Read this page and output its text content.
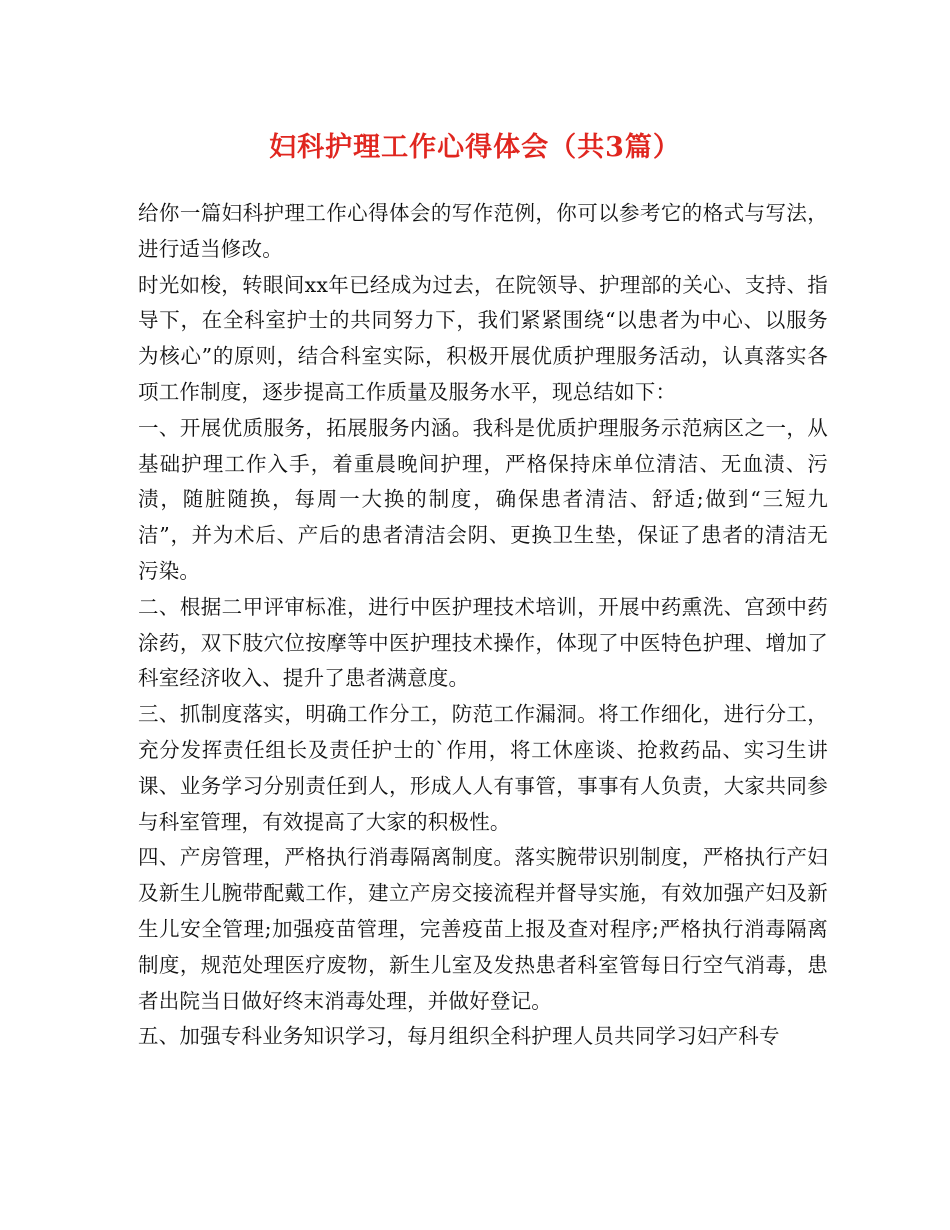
妇科护理工作心得体会（共3篇）

给你一篇妇科护理工作心得体会的写作范例，你可以参考它的格式与写法，进行适当修改。

时光如梭，转眼间xx年已经成为过去，在院领导、护理部的关心、支持、指导下，在全科室护士的共同努力下，我们紧紧围绕“以患者为中心、以服务为核心”的原则，结合科室实际，积极开展优质护理服务活动，认真落实各项工作制度，逐步提高工作质量及服务水平，现总结如下：

一、开展优质服务，拓展服务内涵。我科是优质护理服务示范病区之一，从基础护理工作入手，着重晨晚间护理，严格保持床单位清洁、无血渍、污渍，随脏随换，每周一大换的制度，确保患者清洁、舒适;做到“三短九洁”，并为术后、产后的患者清洁会阴、更换卫生垫，保证了患者的清洁无污染。

二、根据二甲评审标准，进行中医护理技术培训，开展中药熏洗、宫颈中药涂药，双下肢穴位按摩等中医护理技术操作，体现了中医特色护理、增加了科室经济收入、提升了患者满意度。

三、抓制度落实，明确工作分工，防范工作漏洞。将工作细化，进行分工，充分发挥责任组长及责任护士的`作用，将工休座谈、抢救药品、实习生讲课、业务学习分别责任到人，形成人人有事管，事事有人负责，大家共同参与科室管理，有效提高了大家的积极性。

四、产房管理，严格执行消毒隔离制度。落实腕带识别制度，严格执行产妇及新生儿腕带配戴工作，建立产房交接流程并督导实施，有效加强产妇及新生儿安全管理;加强疫苗管理，完善疫苗上报及查对程序;严格执行消毒隔离制度，规范处理医疗废物，新生儿室及发热患者科室管每日行空气消毒，患者出院当日做好终末消毒处理，并做好登记。

五、加强专科业务知识学习，每月组织全科护理人员共同学习妇产科专
